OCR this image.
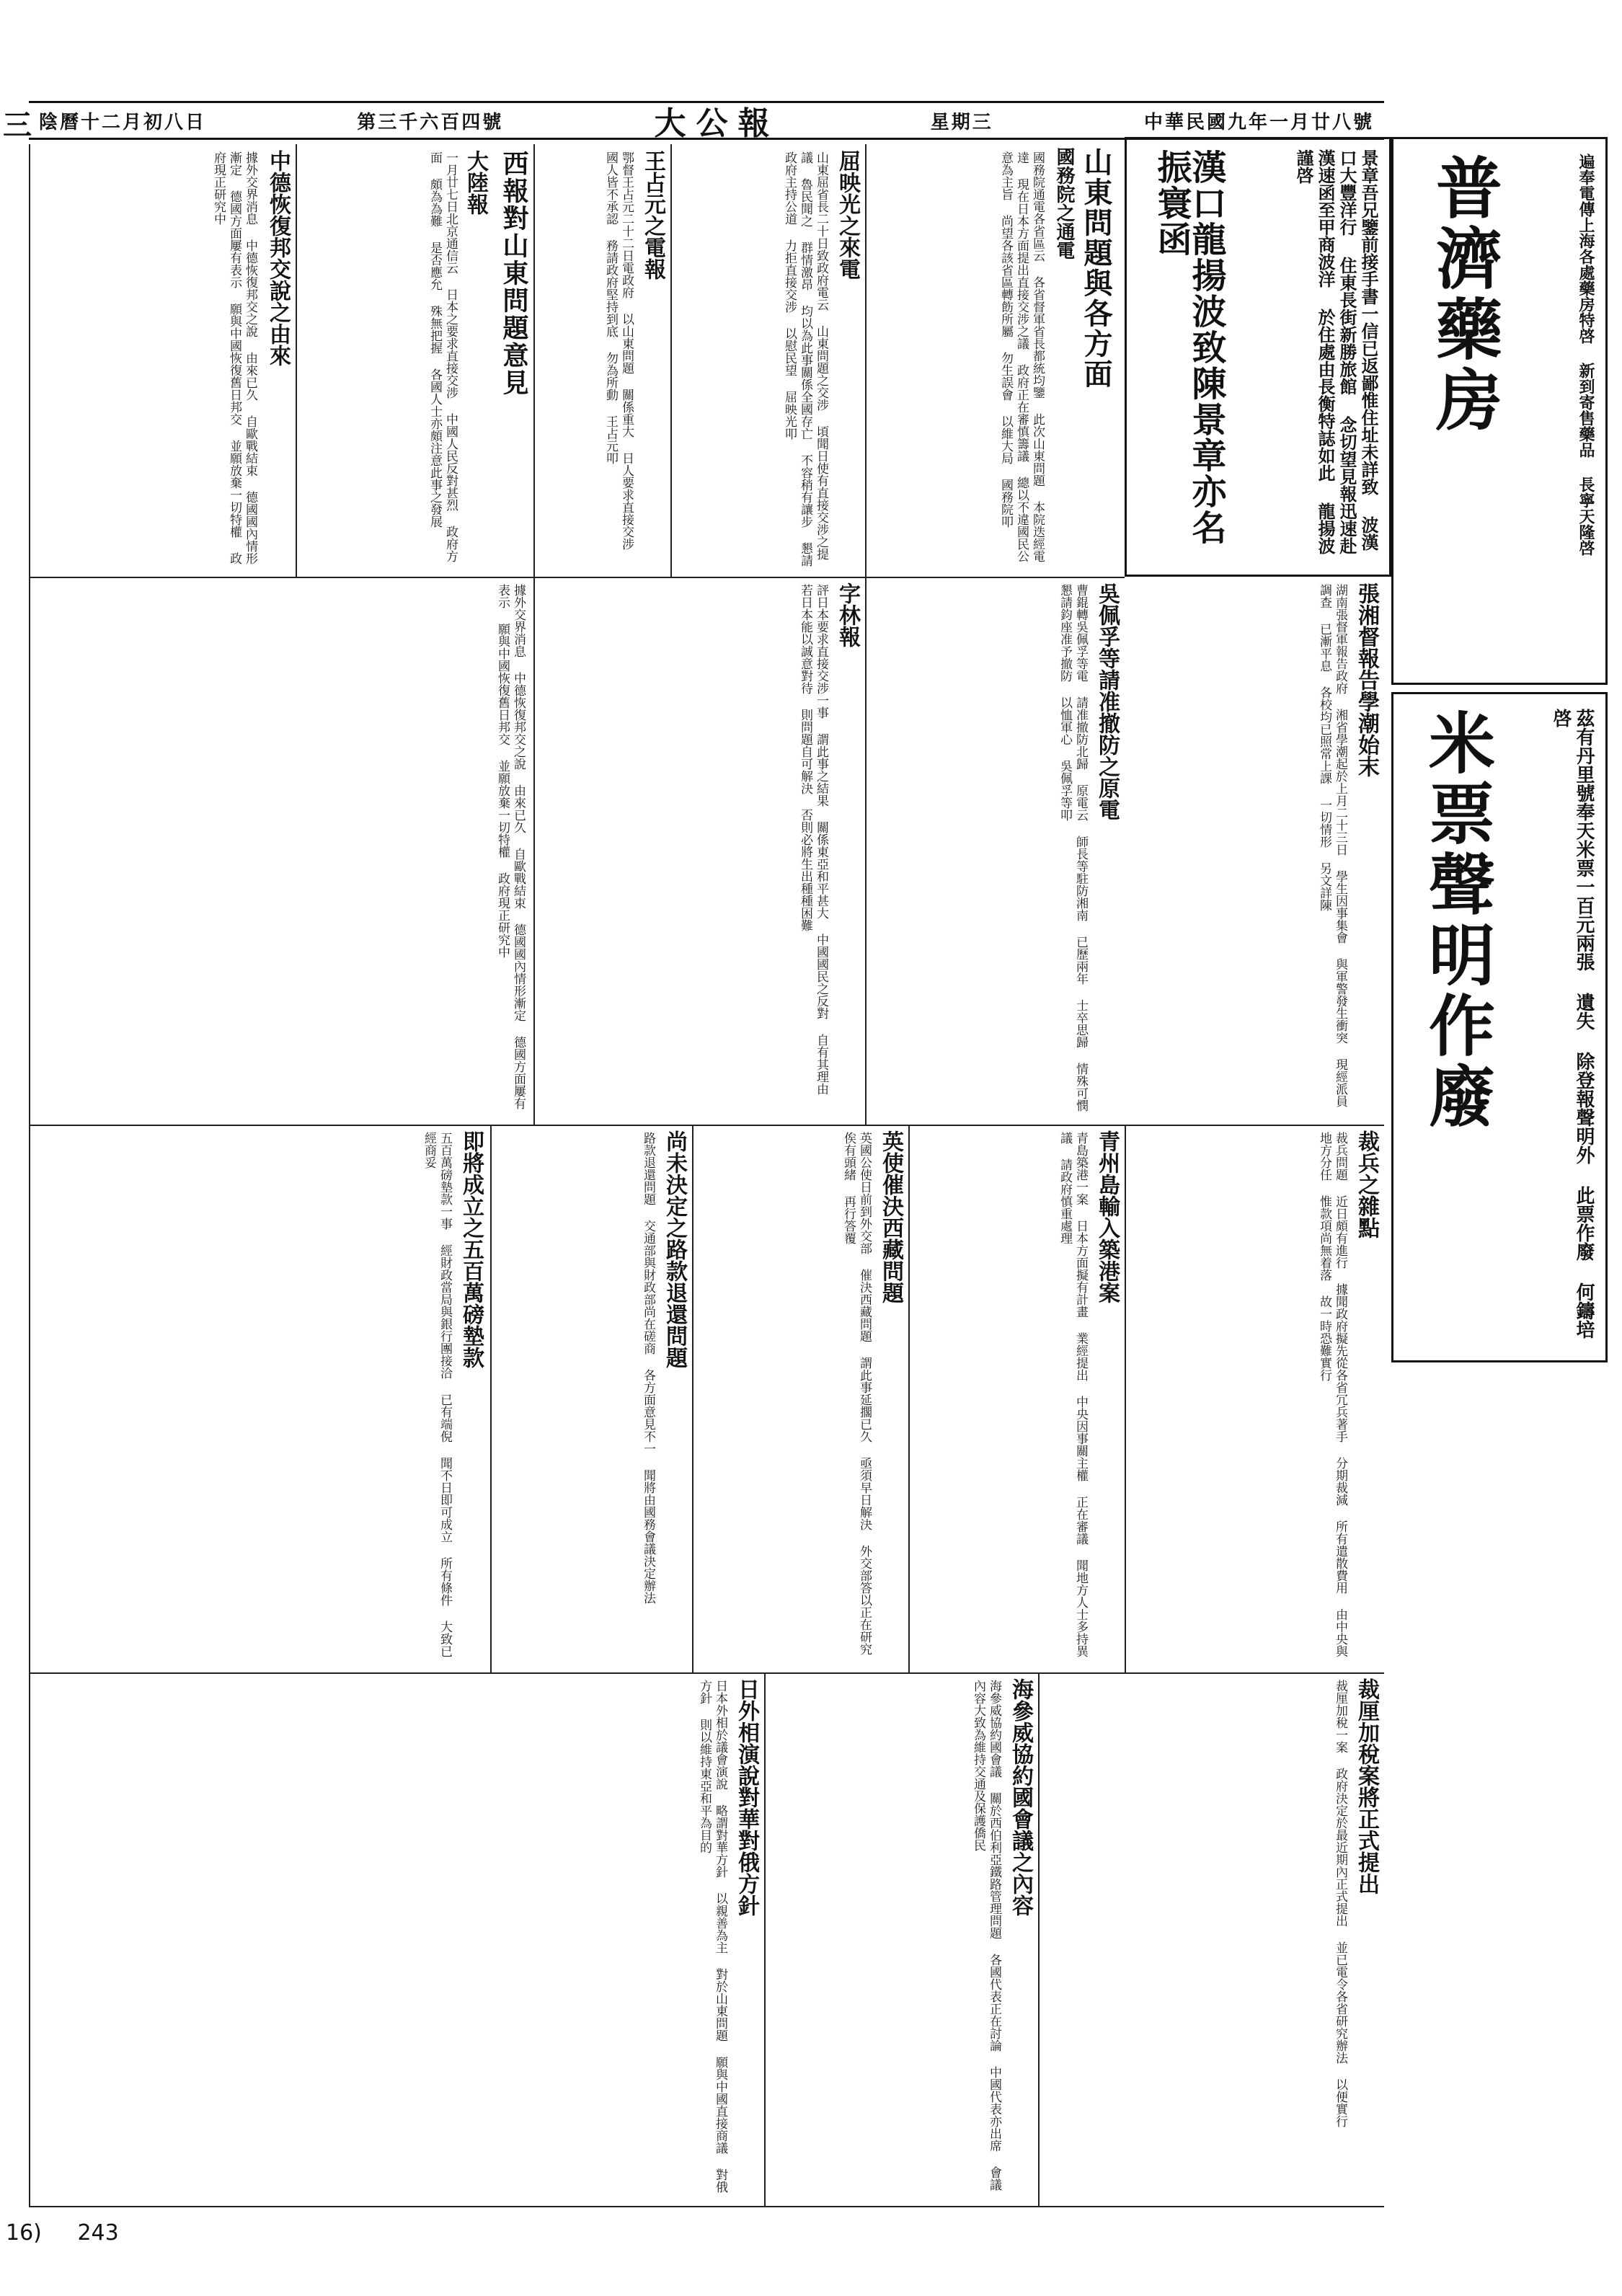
陰曆十二月初八日	第三千六百四號	大公報	星期三	中華民國九年一月廿八號
三
普濟藥房	遍奉電傳上海各處藥房特啓 新到寄售藥品 長寧天隆啓
漢口龍揚波致陳景章亦名振寰函	景章吾兄鑒前接手書一信已返鄙惟住址未詳致 波漢口大豐洋行 住東長街新勝旅館 念切望見報迅速赴漢速函至甲商波洋 於住處由長衡特誌如此 龍揚波謹啓
米票聲明作廢	茲有丹里號奉天米票一百元兩張 遺失 除登報聲明外 此票作廢 何鑄培啓
山東問題與各方面
國務院之通電
國務院通電各省區云 各省督軍省長都統均鑒 此次山東問題 本院迭經電達 現在日本方面提出直接交涉之議 政府正在審慎籌議 總以不違國民公意為主旨 尚望各該省區轉飭所屬 勿生誤會 以維大局 國務院叩
屈映光之來電
山東屈省長二十日致政府電云 山東問題之交涉 頃聞日使有直接交涉之提議 魯民聞之 群情激昂 均以為此事關係全國存亡 不容稍有讓步 懇請政府主持公道 力拒直接交涉 以慰民望 屈映光叩
王占元之電報
鄂督王占元二十二日電政府 以山東問題 關係重大 日人要求直接交涉 國人皆不承認 務請政府堅持到底 勿為所動 王占元叩
西報對山東問題意見
大陸報
一月廿七日北京通信云 日本之要求直接交涉 中國人民反對甚烈 政府方面 頗為為難 是否應允 殊無把握 各國人士亦頗注意此事之發展
中德恢復邦交說之由來
據外交界消息 中德恢復邦交之說 由來已久 自歐戰結束 德國國內情形漸定 德國方面屢有表示 願與中國恢復舊日邦交 並願放棄一切特權 政府現正研究中
張湘督報告學潮始末
湖南張督軍報告政府 湘省學潮起於上月二十三日 學生因事集會 與軍警發生衝突 現經派員調查 已漸平息 各校均已照常上課 一切情形 另文詳陳
吳佩孚等請准撤防之原電
曹錕轉吳佩孚等電 請准撤防北歸 原電云 師長等駐防湘南 已歷兩年 士卒思歸 情殊可憫 懇請鈞座准予撤防 以恤軍心 吳佩孚等叩
字林報
評日本要求直接交涉一事 謂此事之結果 關係東亞和平甚大 中國國民之反對 自有其理由 若日本能以誠意對待 則問題自可解決 否則必將生出種種困難
據外交界消息 中德恢復邦交之說 由來已久 自歐戰結束 德國國內情形漸定 德國方面屢有表示 願與中國恢復舊日邦交 並願放棄一切特權 政府現正研究中
裁兵之雜點
裁兵問題 近日頗有進行 據聞政府擬先從各省冗兵著手 分期裁減 所有遣散費用 由中央與地方分任 惟款項尚無着落 故一時恐難實行
青州島輸入築港案
青島築港一案 日本方面擬有計畫 業經提出 中央因事關主權 正在審議 聞地方人士多持異議 請政府慎重處理
英使催決西藏問題
英國公使日前到外交部 催決西藏問題 謂此事延擱已久 亟須早日解決 外交部答以正在研究 俟有頭緒 再行答覆
尚未決定之路款退還問題
路款退還問題 交通部與財政部尚在磋商 各方面意見不一 聞將由國務會議決定辦法
即將成立之五百萬磅墊款
五百萬磅墊款一事 經財政當局與銀行團接洽 已有端倪 聞不日即可成立 所有條件 大致已經商妥
裁厘加稅案將正式提出
裁厘加稅一案 政府決定於最近期內正式提出 並已電令各省研究辦法 以便實行
海參威協約國會議之內容
海參威協約國會議 關於西伯利亞鐵路管理問題 各國代表正在討論 中國代表亦出席 會議內容大致為維持交通及保護僑民
日外相演說對華對俄方針
日本外相於議會演說 略謂對華方針 以親善為主 對於山東問題 願與中國直接商議 對俄方針 則以維持東亞和平為目的
16) 243
